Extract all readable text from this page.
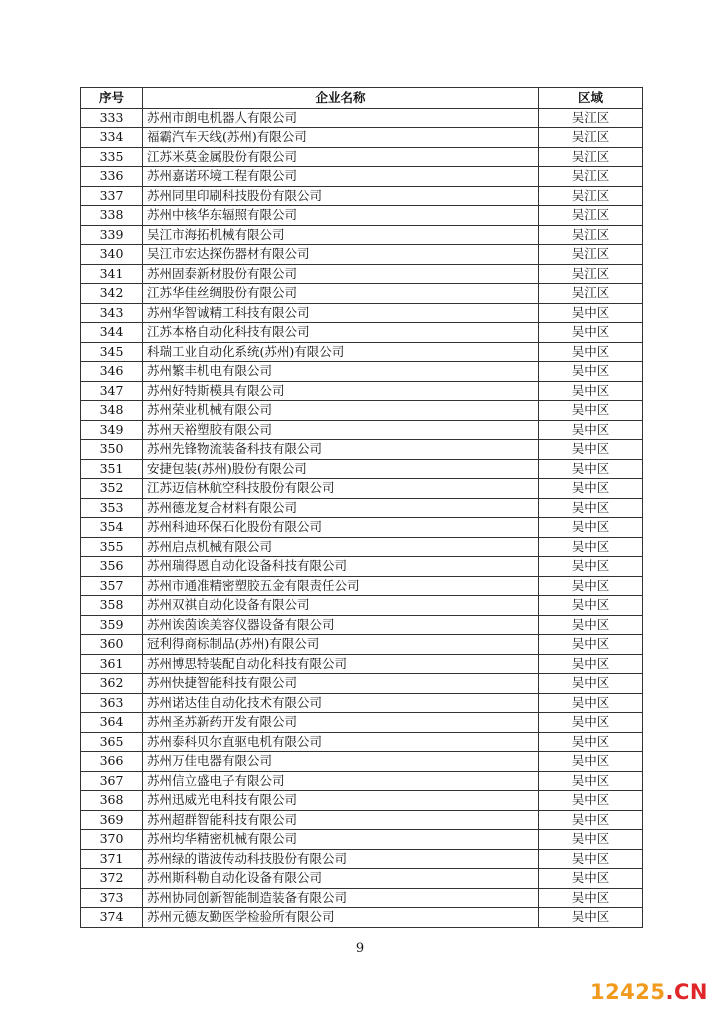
序号	企业名称	区域
333	苏州市朗电机器人有限公司	吴江区
334	福霸汽车天线(苏州)有限公司	吴江区
335	江苏米莫金属股份有限公司	吴江区
336	苏州嘉诺环境工程有限公司	吴江区
337	苏州同里印刷科技股份有限公司	吴江区
338	苏州中核华东辐照有限公司	吴江区
339	吴江市海拓机械有限公司	吴江区
340	吴江市宏达探伤器材有限公司	吴江区
341	苏州固泰新材股份有限公司	吴江区
342	江苏华佳丝绸股份有限公司	吴江区
343	苏州华智诚精工科技有限公司	吴中区
344	江苏本格自动化科技有限公司	吴中区
345	科瑞工业自动化系统(苏州)有限公司	吴中区
346	苏州繁丰机电有限公司	吴中区
347	苏州好特斯模具有限公司	吴中区
348	苏州荣业机械有限公司	吴中区
349	苏州天裕塑胶有限公司	吴中区
350	苏州先锋物流装备科技有限公司	吴中区
351	安捷包装(苏州)股份有限公司	吴中区
352	江苏迈信林航空科技股份有限公司	吴中区
353	苏州德龙复合材料有限公司	吴中区
354	苏州科迪环保石化股份有限公司	吴中区
355	苏州启点机械有限公司	吴中区
356	苏州瑞得恩自动化设备科技有限公司	吴中区
357	苏州市通准精密塑胶五金有限责任公司	吴中区
358	苏州双祺自动化设备有限公司	吴中区
359	苏州诶茵诶美容仪器设备有限公司	吴中区
360	冠利得商标制品(苏州)有限公司	吴中区
361	苏州博思特装配自动化科技有限公司	吴中区
362	苏州快捷智能科技有限公司	吴中区
363	苏州诺达佳自动化技术有限公司	吴中区
364	苏州圣苏新药开发有限公司	吴中区
365	苏州泰科贝尔直驱电机有限公司	吴中区
366	苏州万佳电器有限公司	吴中区
367	苏州信立盛电子有限公司	吴中区
368	苏州迅威光电科技有限公司	吴中区
369	苏州超群智能科技有限公司	吴中区
370	苏州均华精密机械有限公司	吴中区
371	苏州绿的谐波传动科技股份有限公司	吴中区
372	苏州斯科勒自动化设备有限公司	吴中区
373	苏州协同创新智能制造装备有限公司	吴中区
374	苏州元德友勤医学检验所有限公司	吴中区
9
12425.CN
